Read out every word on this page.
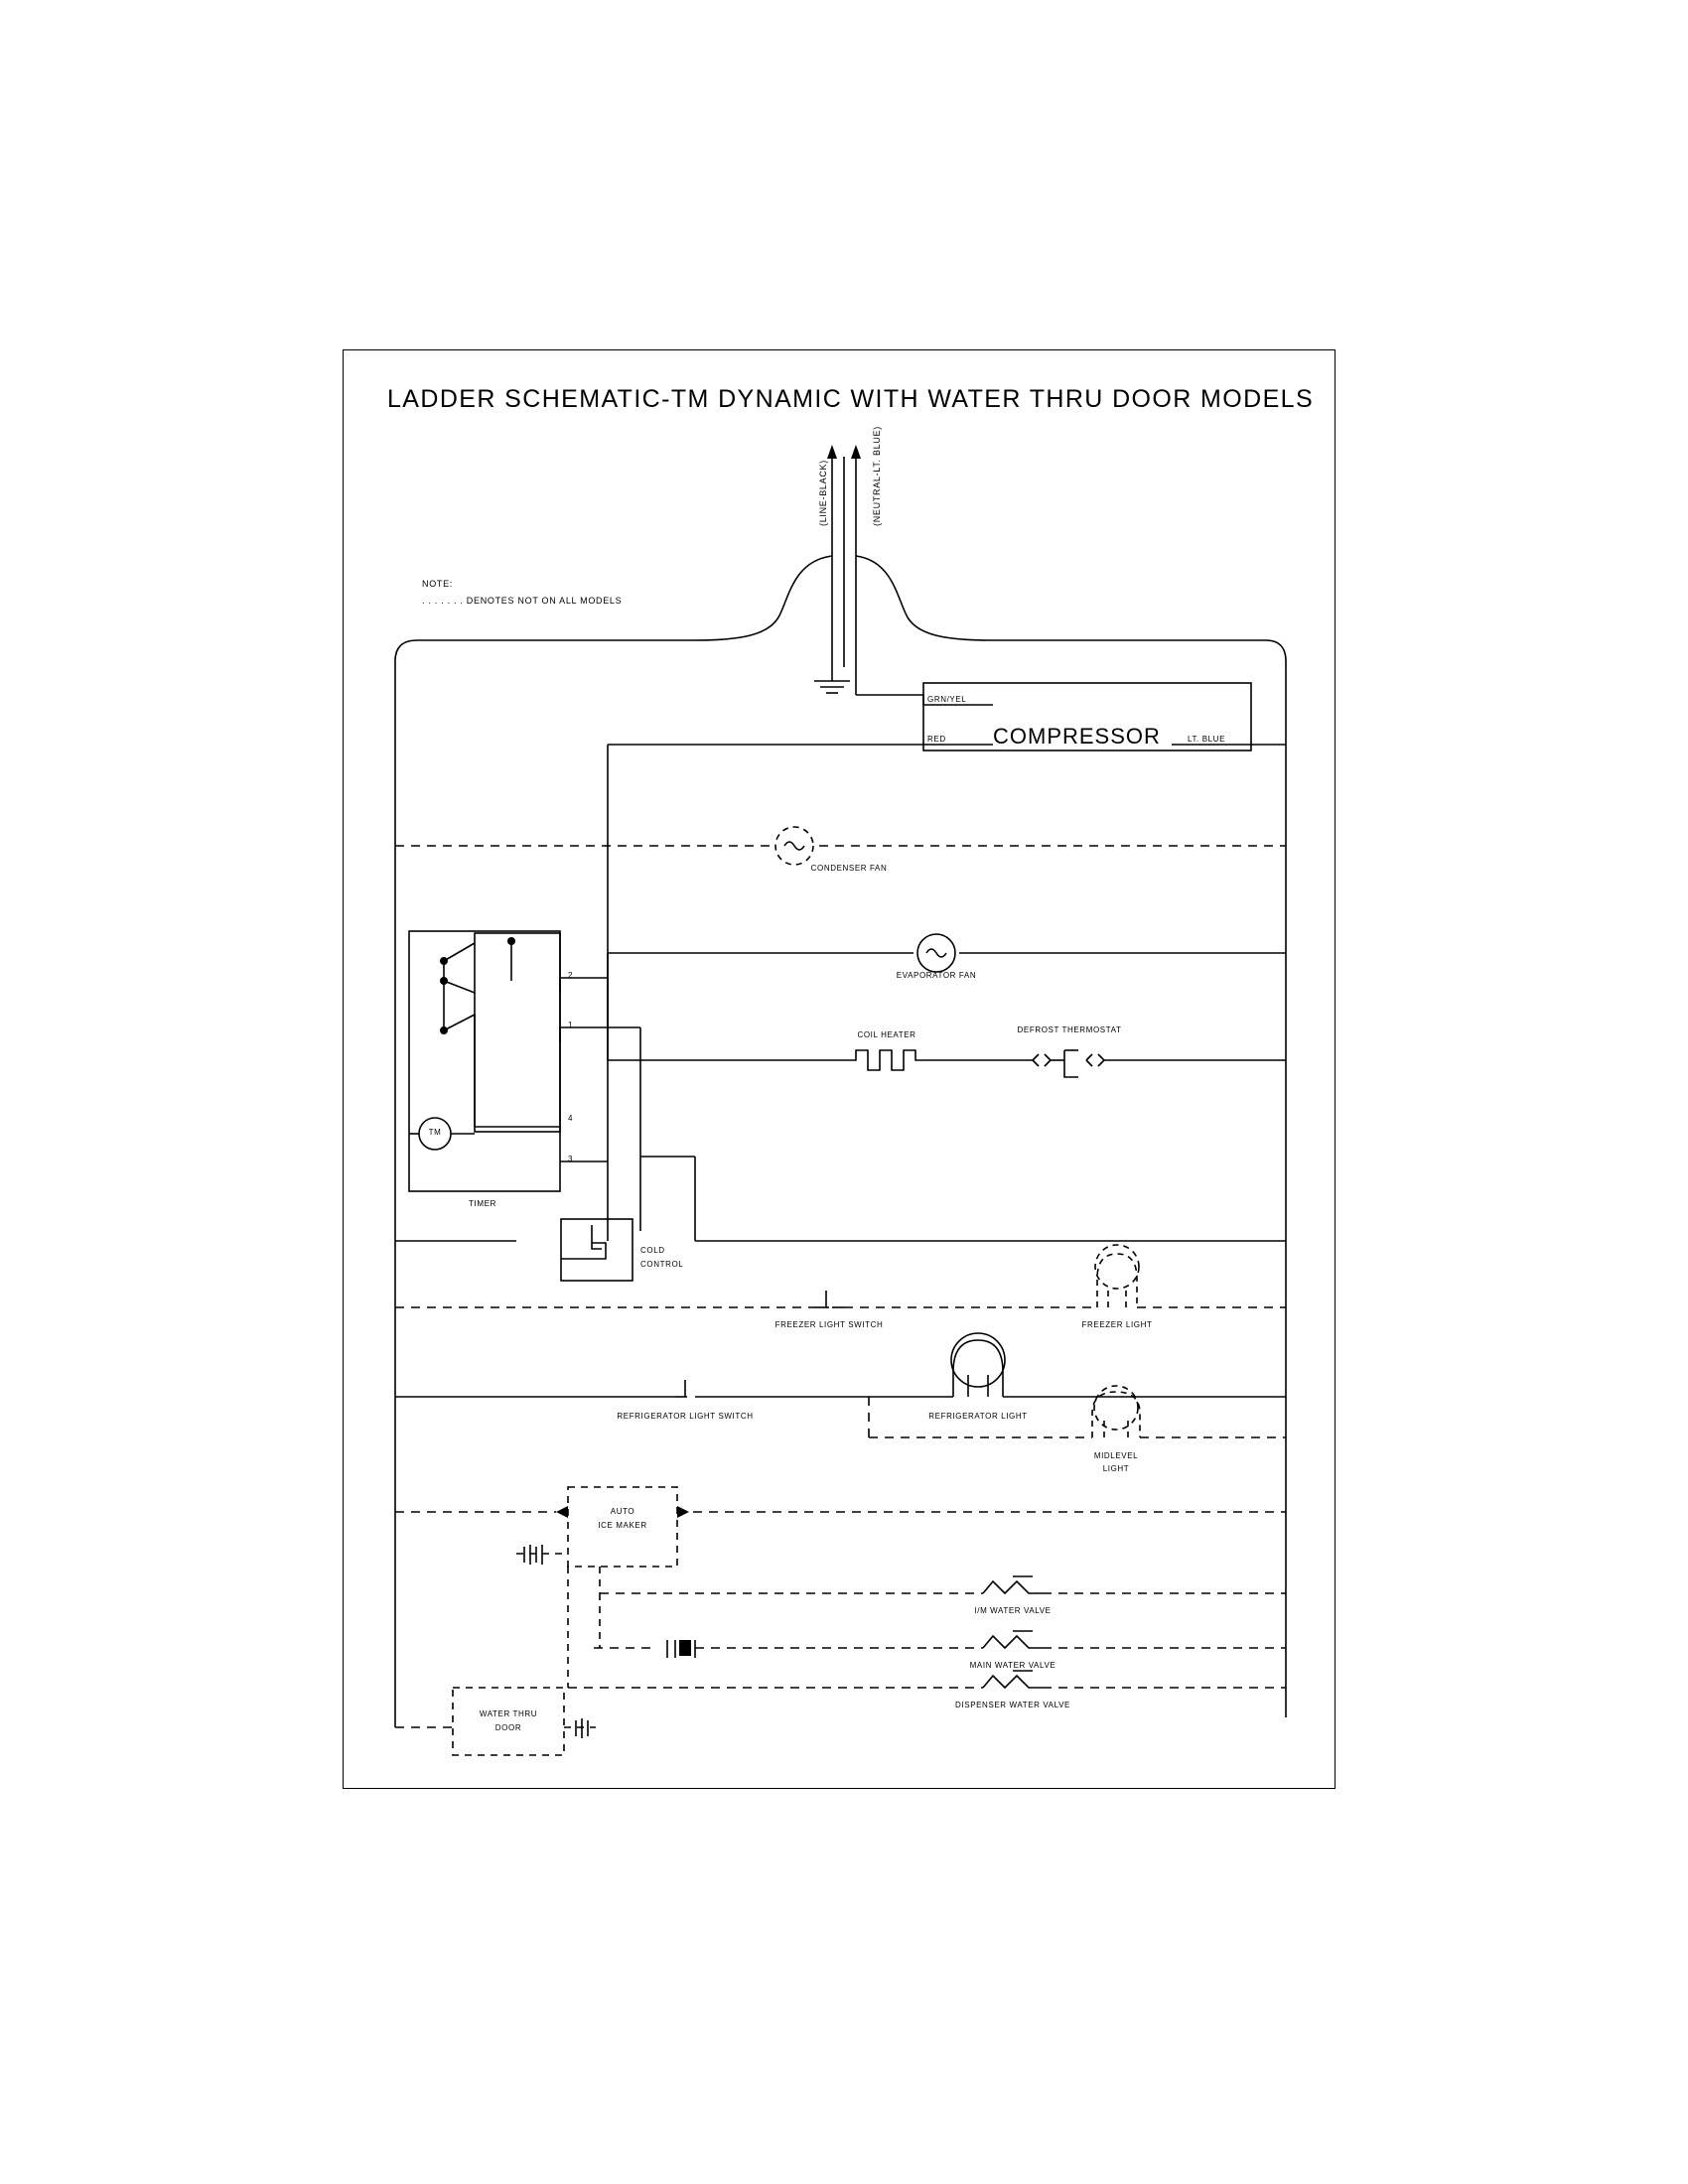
LADDER SCHEMATIC-TM DYNAMIC WITH WATER THRU DOOR MODELS
NOTE:
. . . . . . . DENOTES NOT ON ALL MODELS
(LINE-BLACK)	(NEUTRAL-LT. BLUE)
COMPRESSOR
GRN/YEL
RED	LT. BLUE
CONDENSER FAN
EVAPORATOR FAN
COIL HEATER
DEFROST THERMOSTAT
TIMER
TM
2
1
4
3
COLD
CONTROL
FREEZER LIGHT SWITCH	FREEZER LIGHT
REFRIGERATOR LIGHT SWITCH	REFRIGERATOR LIGHT
MIDLEVEL
LIGHT
AUTO
ICE MAKER
I/M WATER VALVE
MAIN WATER VALVE
DISPENSER WATER VALVE
WATER THRU
DOOR
